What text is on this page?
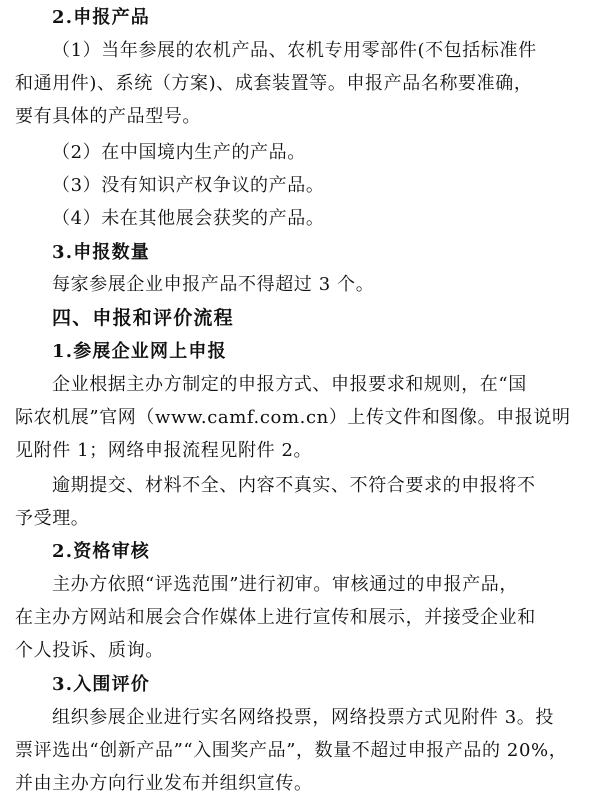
2.申报产品
（1）当年参展的农机产品、农机专用零部件(不包括标准件
和通用件)、系统（方案)、成套装置等。申报产品名称要准确，
要有具体的产品型号。
（2）在中国境内生产的产品。
（3）没有知识产权争议的产品。
（4）未在其他展会获奖的产品。
3.申报数量
每家参展企业申报产品不得超过 3 个。
四、申报和评价流程
1.参展企业网上申报
企业根据主办方制定的申报方式、申报要求和规则，在“国
际农机展”官网（www.camf.com.cn）上传文件和图像。申报说明
见附件 1；网络申报流程见附件 2。
逾期提交、材料不全、内容不真实、不符合要求的申报将不
予受理。
2.资格审核
主办方依照“评选范围”进行初审。审核通过的申报产品，
在主办方网站和展会合作媒体上进行宣传和展示，并接受企业和
个人投诉、质询。
3.入围评价
组织参展企业进行实名网络投票，网络投票方式见附件 3。投
票评选出“创新产品”“入围奖产品”，数量不超过申报产品的 20%，
并由主办方向行业发布并组织宣传。
